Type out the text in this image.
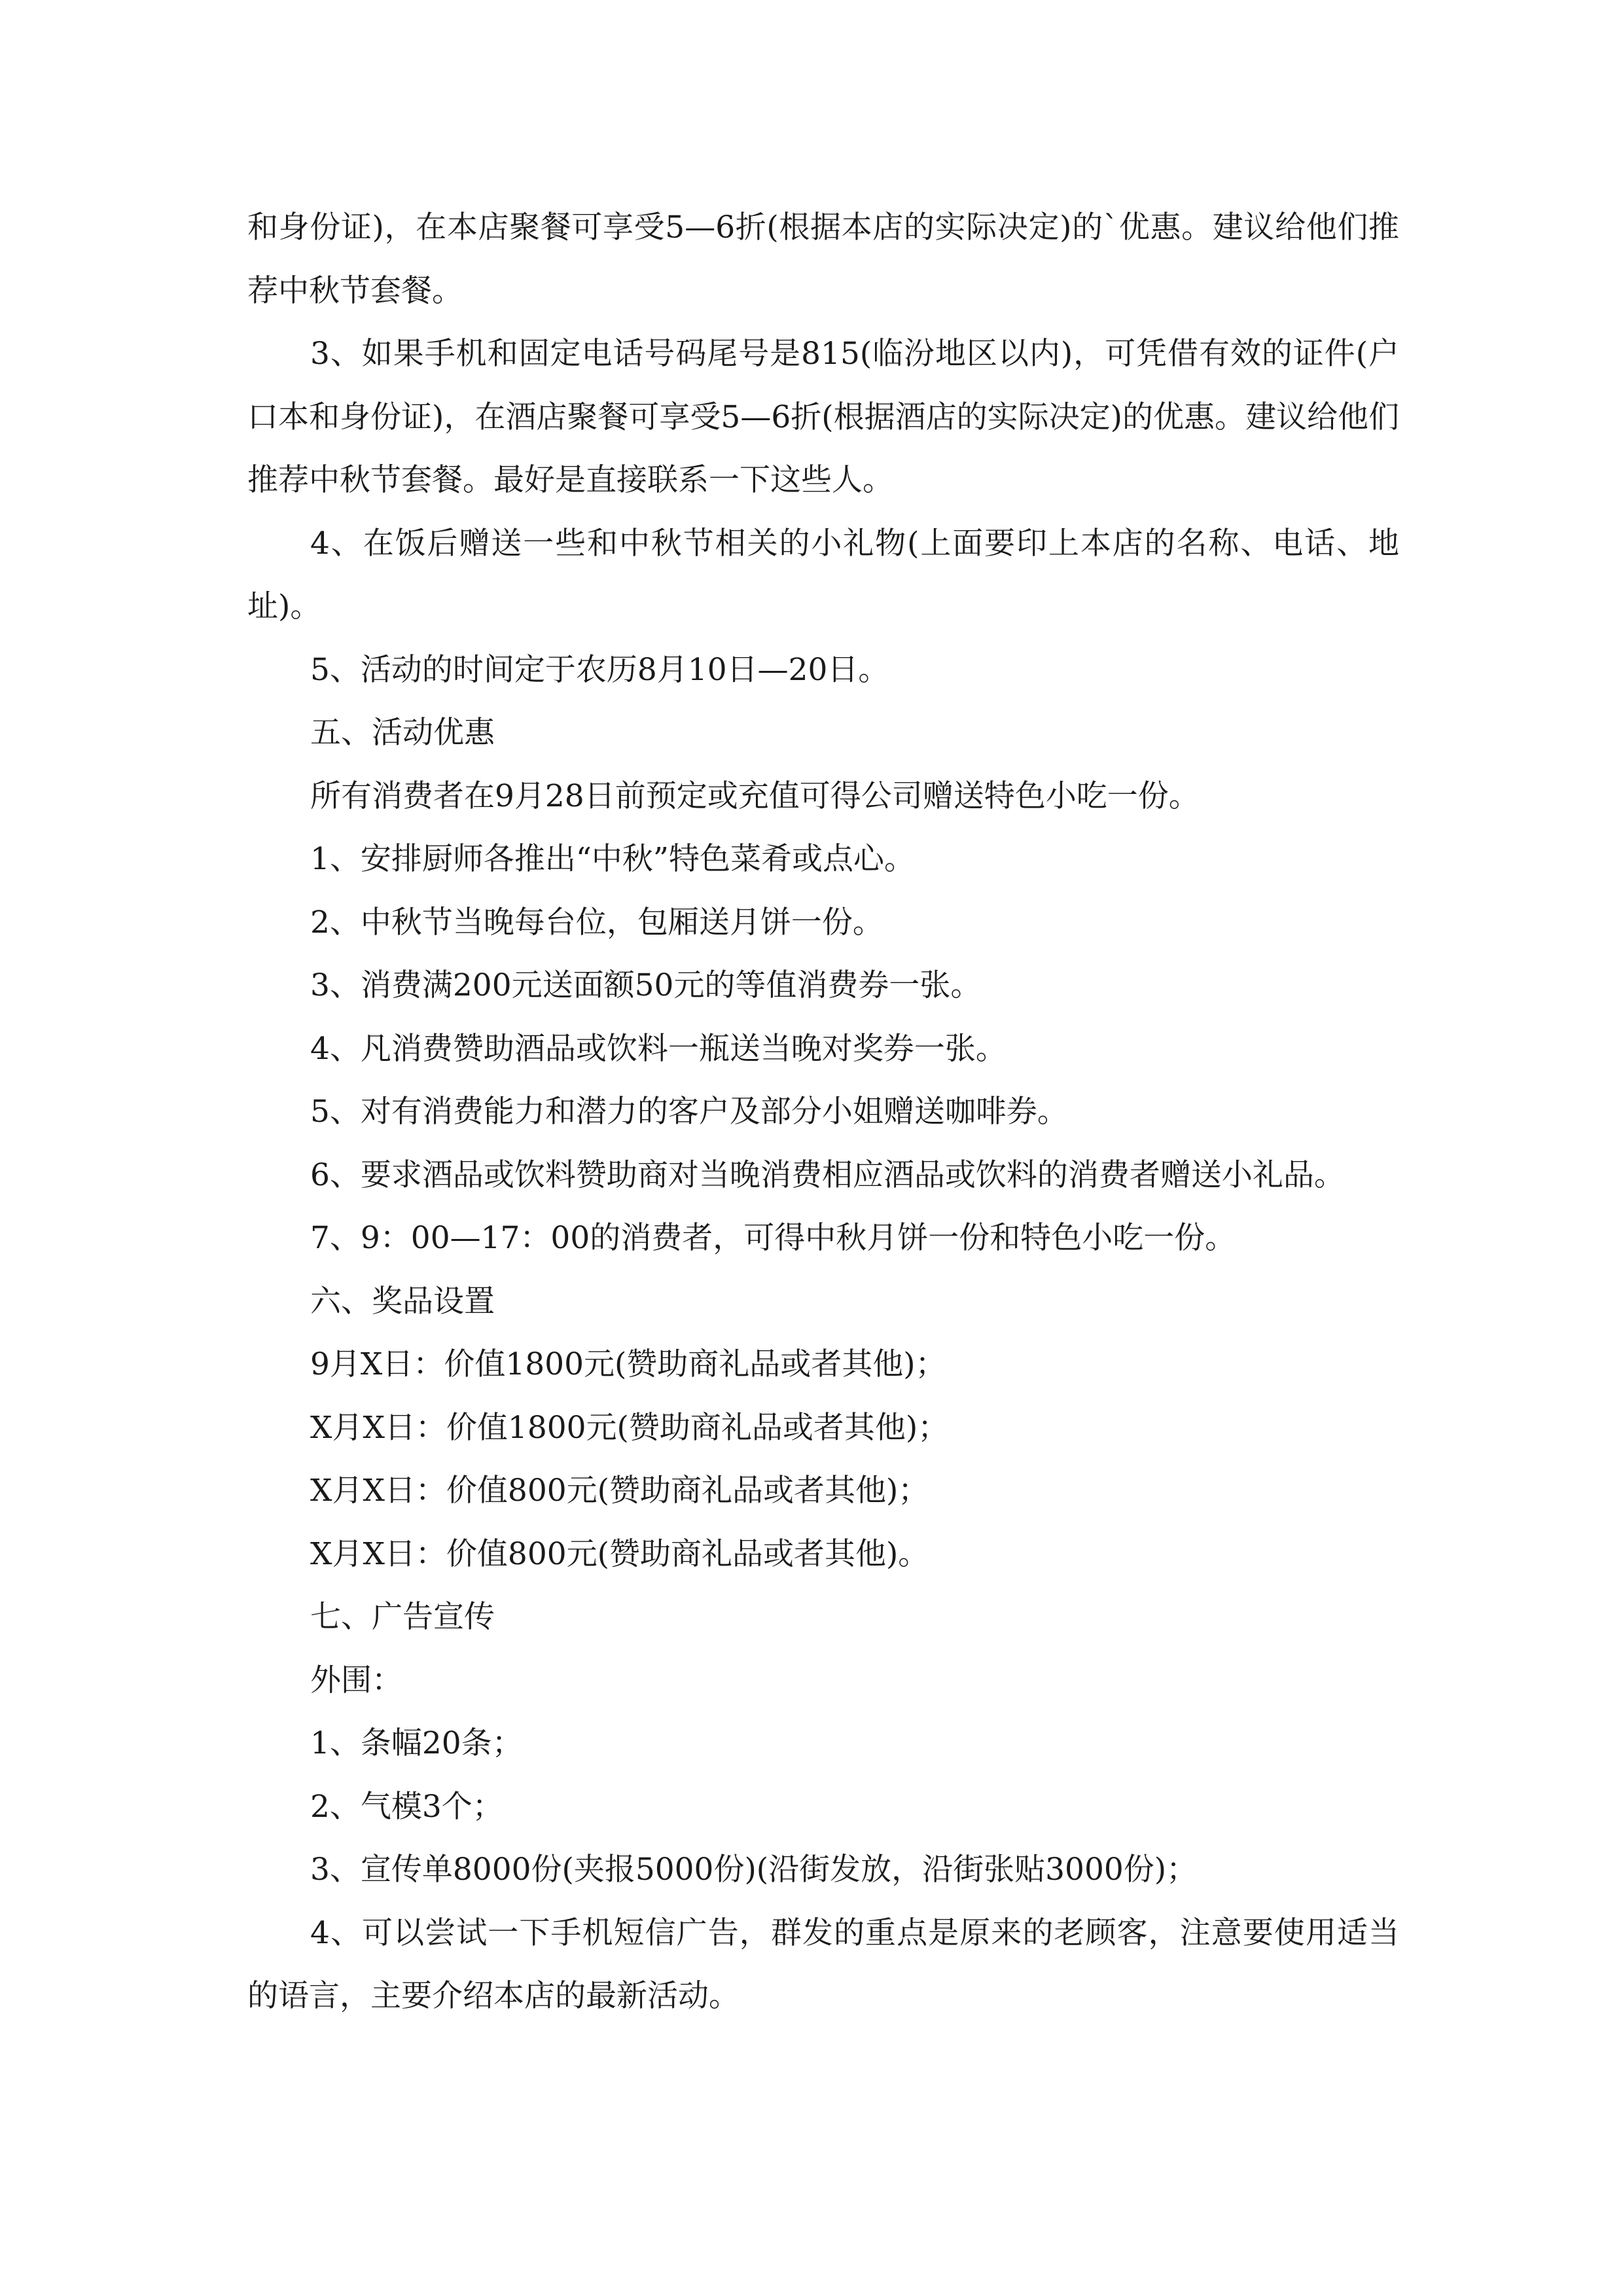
和身份证)，在本店聚餐可享受5—6折(根据本店的实际决定)的`优惠。建议给他们推荐中秋节套餐。

3、如果手机和固定电话号码尾号是815(临汾地区以内)，可凭借有效的证件(户口本和身份证)，在酒店聚餐可享受5—6折(根据酒店的实际决定)的优惠。建议给他们推荐中秋节套餐。最好是直接联系一下这些人。

4、在饭后赠送一些和中秋节相关的小礼物(上面要印上本店的名称、电话、地址)。

5、活动的时间定于农历8月10日—20日。

五、活动优惠

所有消费者在9月28日前预定或充值可得公司赠送特色小吃一份。

1、安排厨师各推出“中秋”特色菜肴或点心。

2、中秋节当晚每台位，包厢送月饼一份。

3、消费满200元送面额50元的等值消费券一张。

4、凡消费赞助酒品或饮料一瓶送当晚对奖券一张。

5、对有消费能力和潜力的客户及部分小姐赠送咖啡券。

6、要求酒品或饮料赞助商对当晚消费相应酒品或饮料的消费者赠送小礼品。

7、9：00—17：00的消费者，可得中秋月饼一份和特色小吃一份。

六、奖品设置

9月X日：价值1800元(赞助商礼品或者其他)；

X月X日：价值1800元(赞助商礼品或者其他)；

X月X日：价值800元(赞助商礼品或者其他)；

X月X日：价值800元(赞助商礼品或者其他)。

七、广告宣传

外围：

1、条幅20条；

2、气模3个；

3、宣传单8000份(夹报5000份)(沿街发放，沿街张贴3000份)；

4、可以尝试一下手机短信广告，群发的重点是原来的老顾客，注意要使用适当的语言，主要介绍本店的最新活动。
